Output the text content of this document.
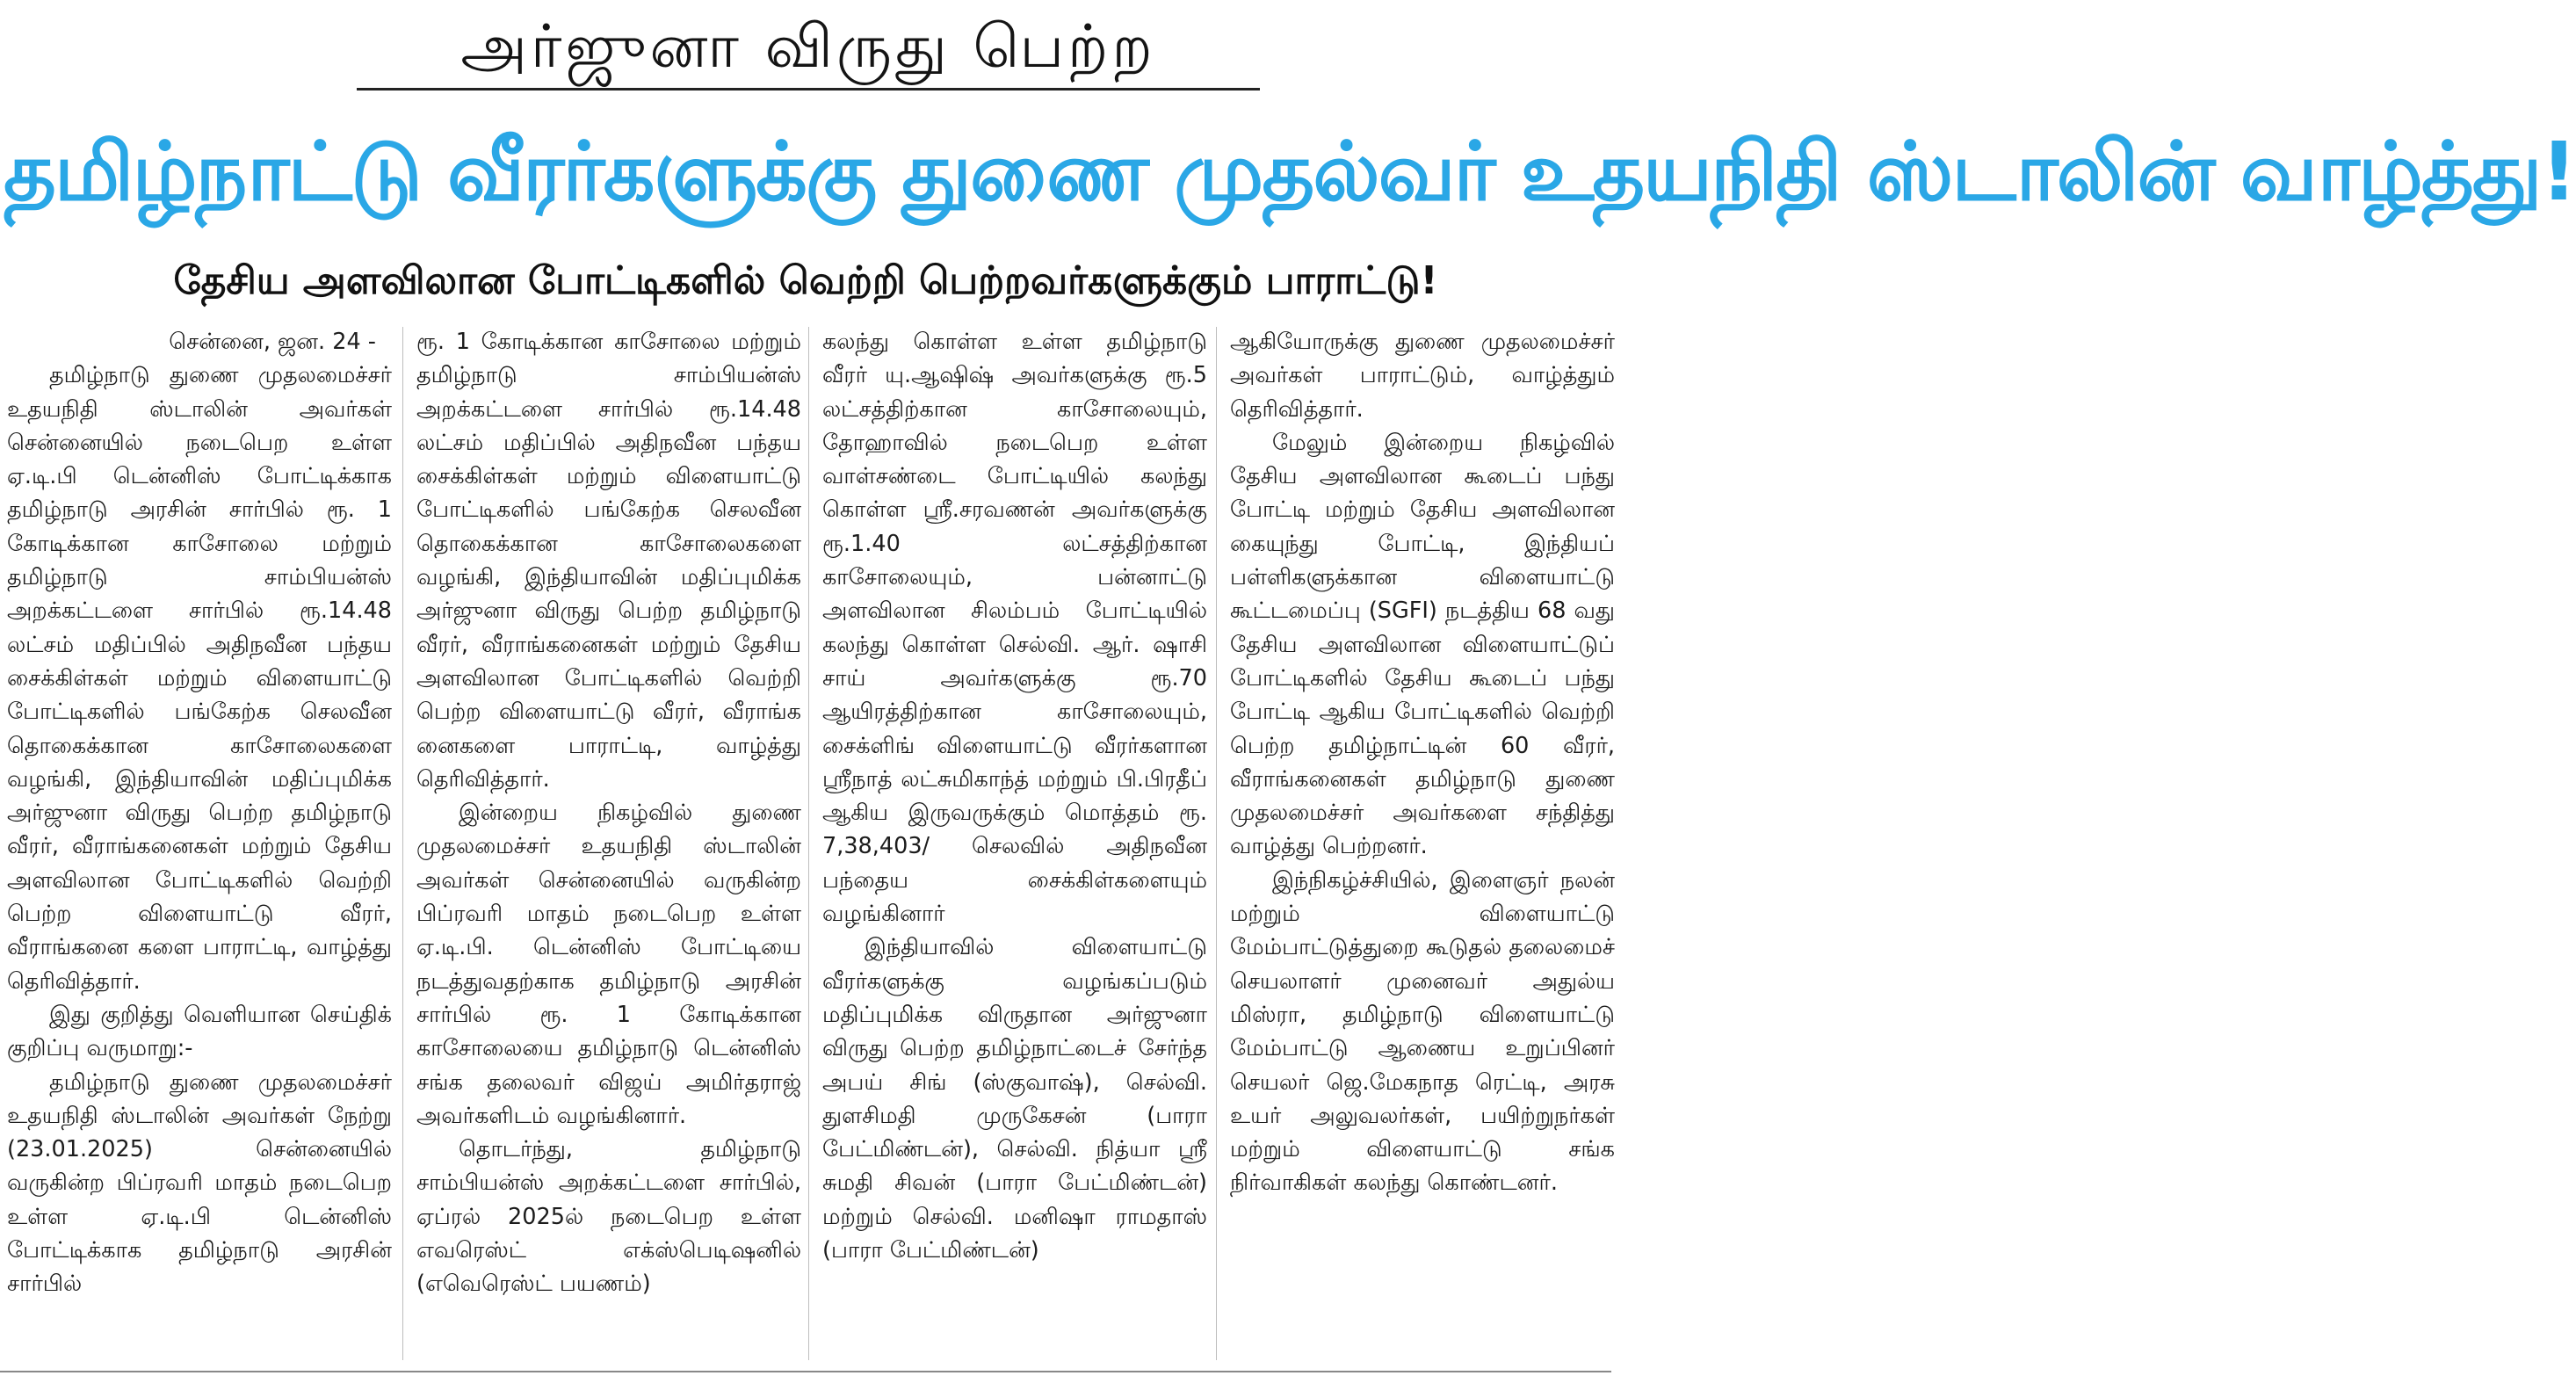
அர்ஜுனா விருது பெற்ற
தமிழ்நாட்டு வீரர்களுக்கு துணை முதல்வர் உதயநிதி ஸ்டாலின் வாழ்த்து!
தேசிய அளவிலான போட்டிகளில் வெற்றி பெற்றவர்களுக்கும் பாராட்டு!

சென்னை, ஜன. 24 -

தமிழ்நாடு துணை முதலமைச்சர் உதயநிதி ஸ்டாலின் அவர்கள் சென்னையில் நடைபெற உள்ள ஏ.டி.பி டென்னிஸ் போட்டிக்காக தமிழ்நாடு அரசின் சார்பில் ரூ. 1 கோடிக்கான காசோலை மற்றும் தமிழ்நாடு சாம்பியன்ஸ் அறக்கட்டளை சார்பில் ரூ.14.48 லட்சம் மதிப்பில் அதிநவீன பந்தய சைக்கிள்கள் மற்றும் விளையாட்டு போட்டிகளில் பங்கேற்க செலவீன தொகைக்கான காசோலைகளை வழங்கி, இந்தியாவின் மதிப்புமிக்க அர்ஜுனா விருது பெற்ற தமிழ்நாடு வீரர், வீராங்கனைகள் மற்றும் தேசிய அளவிலான போட்டிகளில் வெற்றி பெற்ற விளையாட்டு வீரர், வீராங்கனை களை பாராட்டி, வாழ்த்து தெரிவித்தார்.

இது குறித்து வெளியான செய்திக் குறிப்பு வருமாறு:-

தமிழ்நாடு துணை முதலமைச்சர் உதயநிதி ஸ்டாலின் அவர்கள் நேற்று (23.01.2025) சென்னையில் வருகின்ற பிப்ரவரி மாதம் நடைபெற உள்ள ஏ.டி.பி டென்னிஸ் போட்டிக்காக தமிழ்நாடு அரசின் சார்பில்

ரூ. 1 கோடிக்கான காசோலை மற்றும் தமிழ்நாடு சாம்பியன்ஸ் அறக்கட்டளை சார்பில் ரூ.14.48 லட்சம் மதிப்பில் அதிநவீன பந்தய சைக்கிள்கள் மற்றும் விளையாட்டு போட்டிகளில் பங்கேற்க செலவீன தொகைக்கான காசோலைகளை வழங்கி, இந்தியாவின் மதிப்புமிக்க அர்ஜுனா விருது பெற்ற தமிழ்நாடு வீரர், வீராங்கனைகள் மற்றும் தேசிய அளவிலான போட்டிகளில் வெற்றி பெற்ற விளையாட்டு வீரர், வீராங்க னைகளை பாராட்டி, வாழ்த்து தெரிவித்தார்.

இன்றைய நிகழ்வில் துணை முதலமைச்சர் உதயநிதி ஸ்டாலின் அவர்கள் சென்னையில் வருகின்ற பிப்ரவரி மாதம் நடைபெற உள்ள ஏ.டி.பி. டென்னிஸ் போட்டியை நடத்துவதற்காக தமிழ்நாடு அரசின் சார்பில் ரூ. 1 கோடிக்கான காசோலையை தமிழ்நாடு டென்னிஸ் சங்க தலைவர் விஜய் அமிர்தராஜ் அவர்களிடம் வழங்கினார்.

தொடர்ந்து, தமிழ்நாடு சாம்பியன்ஸ் அறக்கட்டளை சார்பில், ஏப்ரல் 2025ல் நடைபெற உள்ள எவரெஸ்ட் எக்ஸ்பெடிஷனில் (எவெரெஸ்ட் பயணம்)

கலந்து கொள்ள உள்ள தமிழ்நாடு வீரர் யு.ஆஷிஷ் அவர்களுக்கு ரூ.5 லட்சத்திற்கான காசோலையும், தோஹாவில் நடைபெற உள்ள வாள்சண்டை போட்டியில் கலந்து கொள்ள ஸ்ரீ.சரவணன் அவர்களுக்கு ரூ.1.40 லட்சத்திற்கான காசோலையும், பன்னாட்டு அளவிலான சிலம்பம் போட்டியில் கலந்து கொள்ள செல்வி. ஆர். ஷாசி சாய் அவர்களுக்கு ரூ.70 ஆயிரத்திற்கான காசோலையும், சைக்ளிங் விளையாட்டு வீரர்களான ஸ்ரீநாத் லட்சுமிகாந்த் மற்றும் பி.பிரதீப் ஆகிய இருவருக்கும் மொத்தம் ரூ. 7,38,403/ செலவில் அதிநவீன பந்தைய சைக்கிள்களையும் வழங்கினார்

இந்தியாவில் விளையாட்டு வீரர்களுக்கு வழங்கப்படும் மதிப்புமிக்க விருதான அர்ஜுனா விருது பெற்ற தமிழ்நாட்டைச் சேர்ந்த அபய் சிங் (ஸ்குவாஷ்), செல்வி. துளசிமதி முருகேசன் (பாரா பேட்மிண்டன்), செல்வி. நித்யா ஸ்ரீ சுமதி சிவன் (பாரா பேட்மிண்டன்) மற்றும் செல்வி. மனிஷா ராமதாஸ் (பாரா பேட்மிண்டன்)

ஆகியோருக்கு துணை முதலமைச்சர் அவர்கள் பாராட்டும், வாழ்த்தும் தெரிவித்தார்.

மேலும் இன்றைய நிகழ்வில் தேசிய அளவிலான கூடைப் பந்து போட்டி மற்றும் தேசிய அளவிலான கையுந்து போட்டி, இந்தியப் பள்ளிகளுக்கான விளையாட்டு கூட்டமைப்பு (SGFI) நடத்திய 68 வது தேசிய அளவிலான விளையாட்டுப் போட்டிகளில் தேசிய கூடைப் பந்து போட்டி ஆகிய போட்டிகளில் வெற்றி பெற்ற தமிழ்நாட்டின் 60 வீரர், வீராங்கனைகள் தமிழ்நாடு துணை முதலமைச்சர் அவர்களை சந்தித்து வாழ்த்து பெற்றனர்.

இந்நிகழ்ச்சியில், இளைஞர் நலன் மற்றும் விளையாட்டு மேம்பாட்டுத்துறை கூடுதல் தலைமைச் செயலாளர் முனைவர் அதுல்ய மிஸ்ரா, தமிழ்நாடு விளையாட்டு மேம்பாட்டு ஆணைய உறுப்பினர் செயலர் ஜெ.மேகநாத ரெட்டி, அரசு உயர் அலுவலர்கள், பயிற்றுநர்கள் மற்றும் விளையாட்டு சங்க நிர்வாகிகள் கலந்து கொண்டனர்.
